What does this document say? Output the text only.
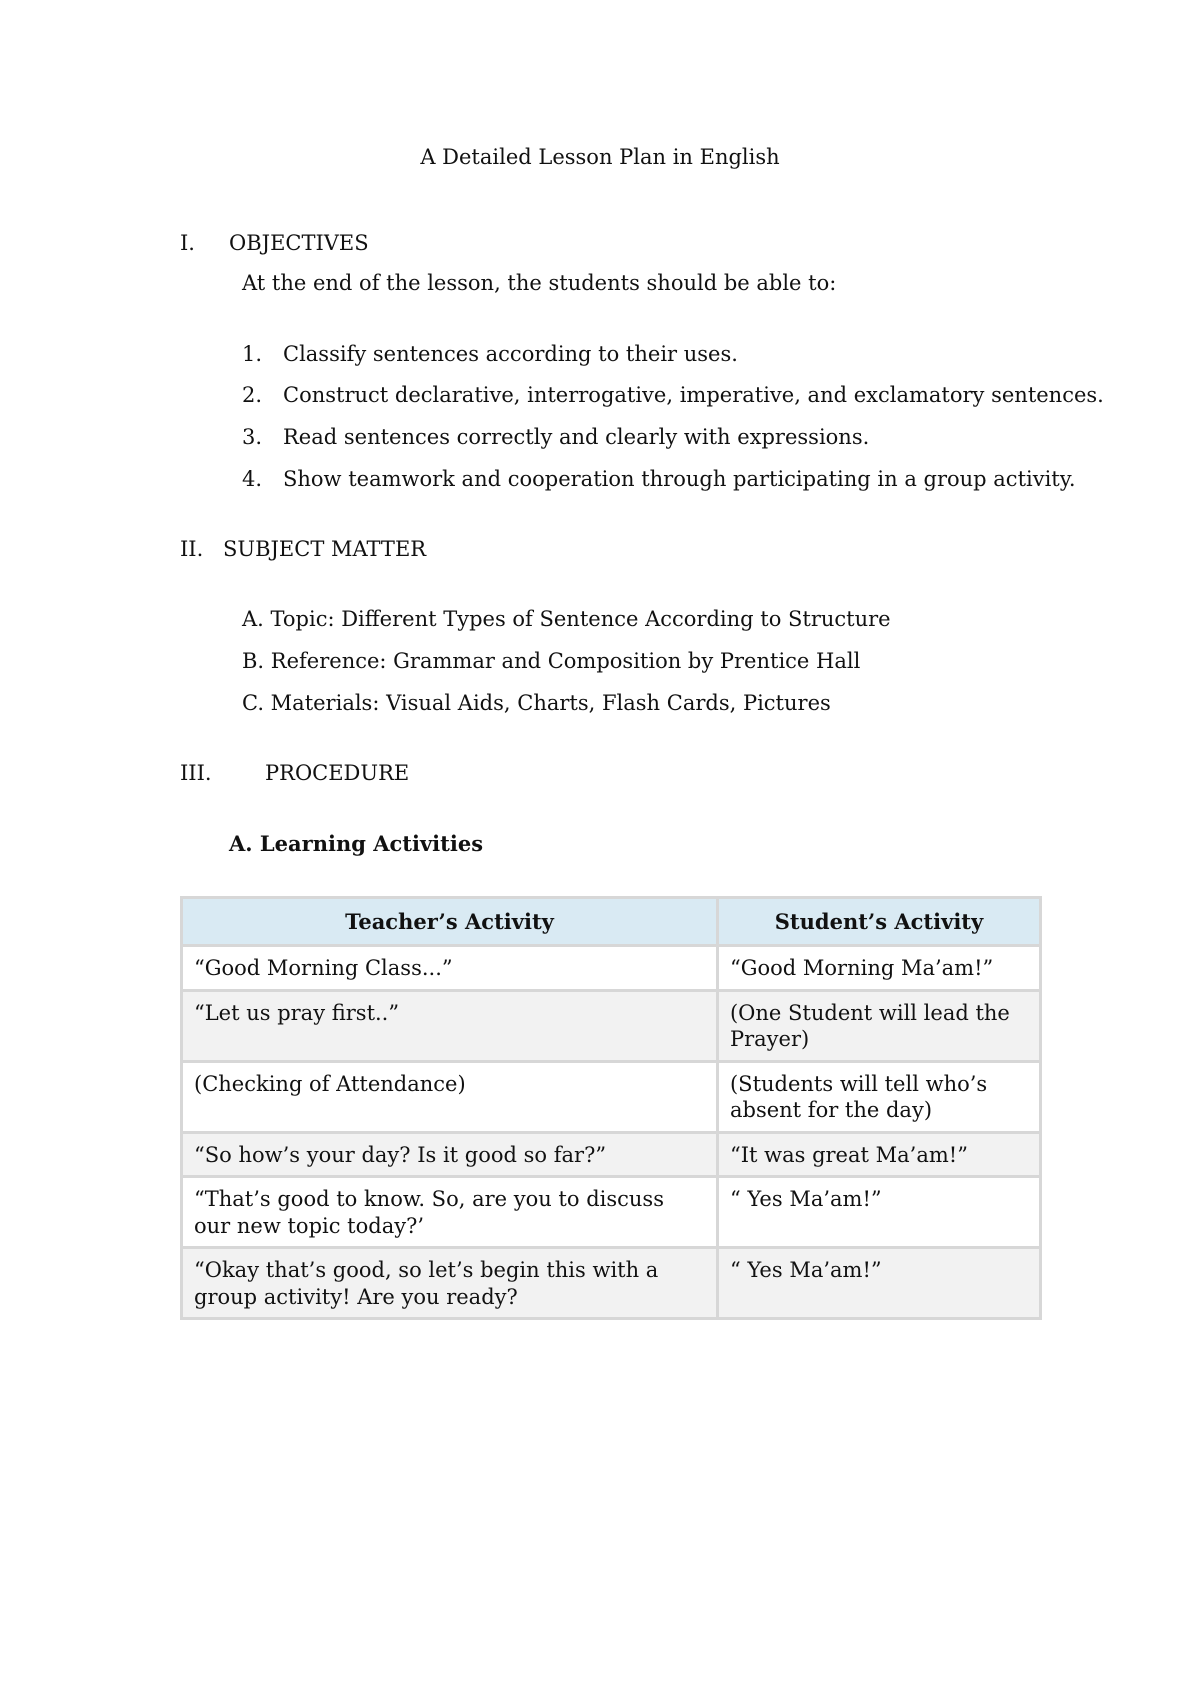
A Detailed Lesson Plan in English
I. OBJECTIVES
At the end of the lesson, the students should be able to:
1. Classify sentences according to their uses.
2. Construct declarative, interrogative, imperative, and exclamatory sentences.
3. Read sentences correctly and clearly with expressions.
4. Show teamwork and cooperation through participating in a group activity.
II. SUBJECT MATTER
A. Topic: Different Types of Sentence According to Structure
B. Reference: Grammar and Composition by Prentice Hall
C. Materials: Visual Aids, Charts, Flash Cards, Pictures
III.	PROCEDURE
A. Learning Activities
Teacher’s Activity	Student’s Activity
“Good Morning Class...”	“Good Morning Ma’am!”
“Let us pray first..”	(One Student will lead the Prayer)
(Checking of Attendance)	(Students will tell who’s absent for the day)
“So how’s your day? Is it good so far?”	“It was great Ma’am!”
“That’s good to know. So, are you to discuss our new topic today?’	“ Yes Ma’am!”
“Okay that’s good, so let’s begin this with a group activity! Are you ready?	“ Yes Ma’am!”
